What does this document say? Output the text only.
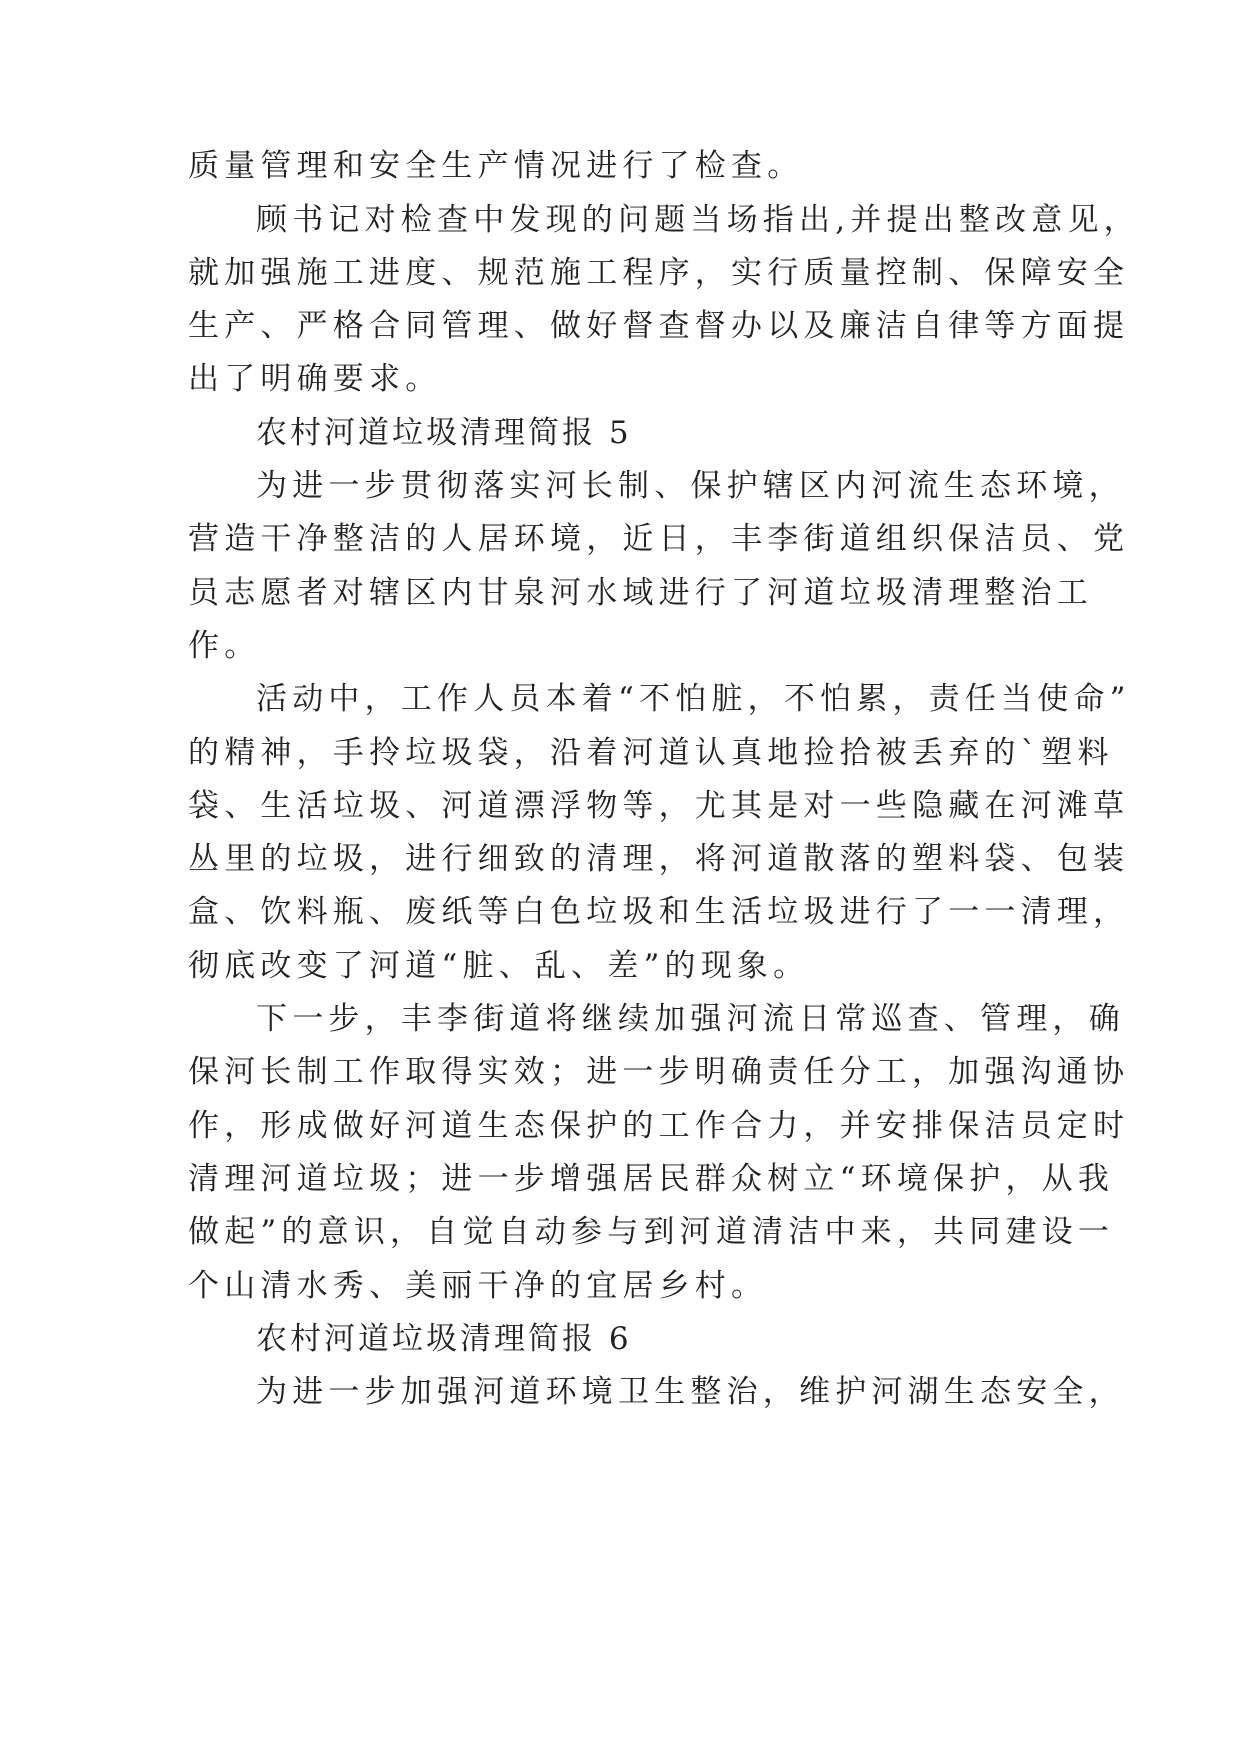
质量管理和安全生产情况进行了检查。
顾书记对检查中发现的问题当场指出,并提出整改意见，
就加强施工进度、规范施工程序，实行质量控制、保障安全
生产、严格合同管理、做好督查督办以及廉洁自律等方面提
出了明确要求。
农村河道垃圾清理简报 5
为进一步贯彻落实河长制、保护辖区内河流生态环境，
营造干净整洁的人居环境，近日，丰李街道组织保洁员、党
员志愿者对辖区内甘泉河水域进行了河道垃圾清理整治工
作。
活动中，工作人员本着“不怕脏，不怕累，责任当使命”
的精神，手拎垃圾袋，沿着河道认真地捡拾被丢弃的`塑料
袋、生活垃圾、河道漂浮物等，尤其是对一些隐藏在河滩草
丛里的垃圾，进行细致的清理，将河道散落的塑料袋、包装
盒、饮料瓶、废纸等白色垃圾和生活垃圾进行了一一清理，
彻底改变了河道“脏、乱、差”的现象。
下一步，丰李街道将继续加强河流日常巡查、管理，确
保河长制工作取得实效；进一步明确责任分工，加强沟通协
作，形成做好河道生态保护的工作合力，并安排保洁员定时
清理河道垃圾；进一步增强居民群众树立“环境保护，从我
做起”的意识，自觉自动参与到河道清洁中来，共同建设一
个山清水秀、美丽干净的宜居乡村。
农村河道垃圾清理简报 6
为进一步加强河道环境卫生整治，维护河湖生态安全，
